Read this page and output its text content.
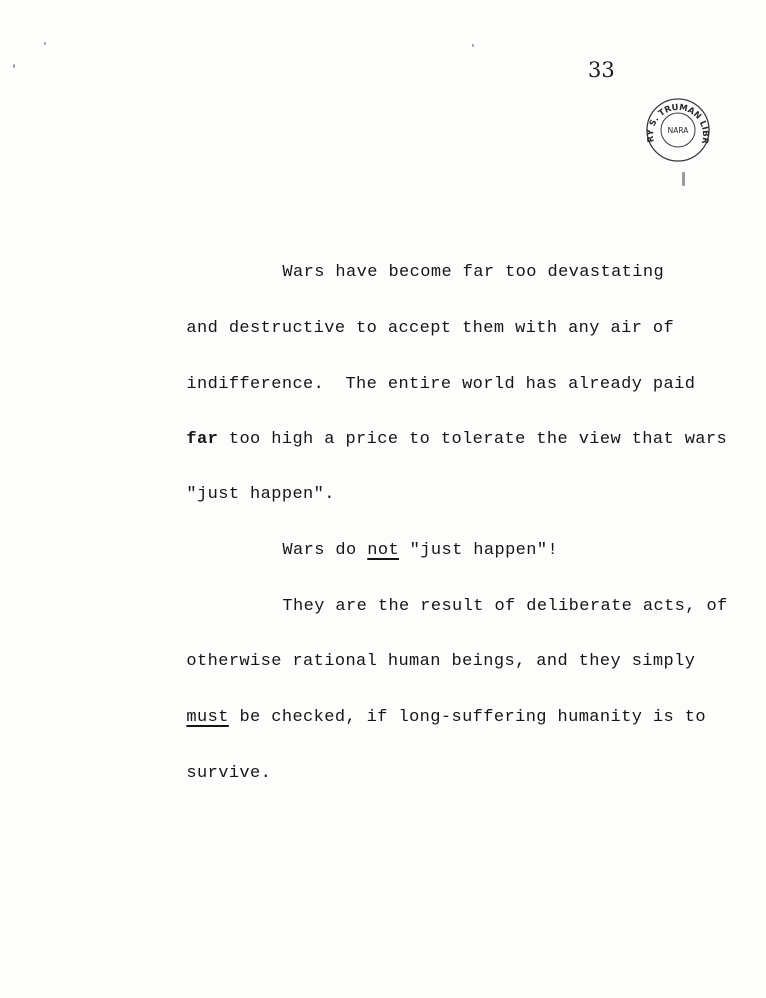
33
RY S. TRUMAN LIBR
NARA

Wars have become far too devastating

and destructive to accept them with any air of

indifference.  The entire world has already paid

far too high a price to tolerate the view that wars

"just happen".

Wars do not "just happen"!

They are the result of deliberate acts, of

otherwise rational human beings, and they simply

must be checked, if long-suffering humanity is to

survive.
